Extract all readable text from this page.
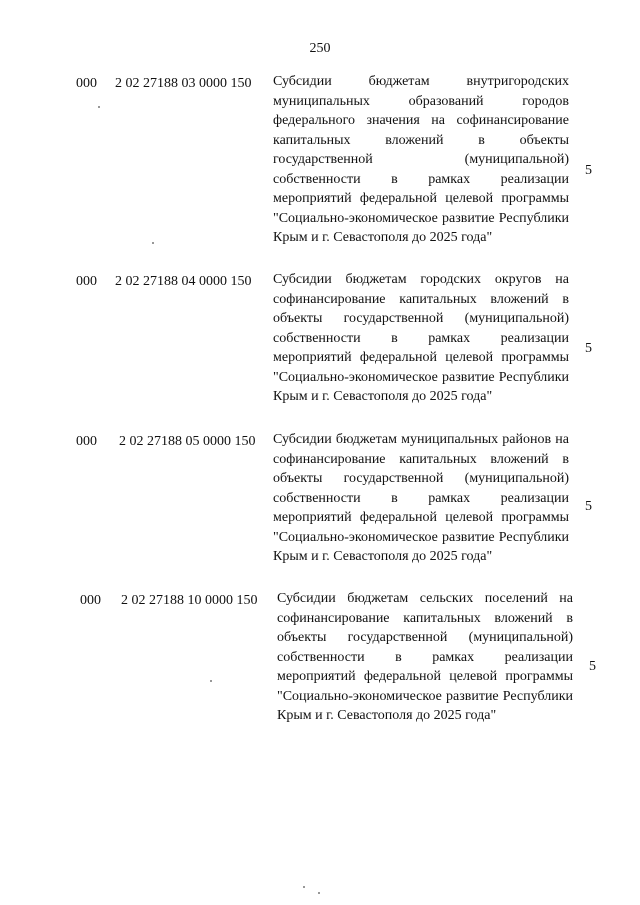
250
000 2 02 27188 03 0000 150 Субсидии бюджетам внутригородских муниципальных образований городов федерального значения на софинансирование капитальных вложений в объекты государственной (муниципальной) собственности в рамках реализации мероприятий федеральной целевой программы "Социально-экономическое развитие Республики Крым и г. Севастополя до 2025 года"
5
000 2 02 27188 04 0000 150 Субсидии бюджетам городских округов на софинансирование капитальных вложений в объекты государственной (муниципальной) собственности в рамках реализации мероприятий федеральной целевой программы "Социально-экономическое развитие Республики Крым и г. Севастополя до 2025 года"
5
000 2 02 27188 05 0000 150 Субсидии бюджетам муниципальных районов на софинансирование капитальных вложений в объекты государственной (муниципальной) собственности в рамках реализации мероприятий федеральной целевой программы "Социально-экономическое развитие Республики Крым и г. Севастополя до 2025 года"
5
000 2 02 27188 10 0000 150 Субсидии бюджетам сельских поселений на софинансирование капитальных вложений в объекты государственной (муниципальной) собственности в рамках реализации мероприятий федеральной целевой программы "Социально-экономическое развитие Республики Крым и г. Севастополя до 2025 года"
5
